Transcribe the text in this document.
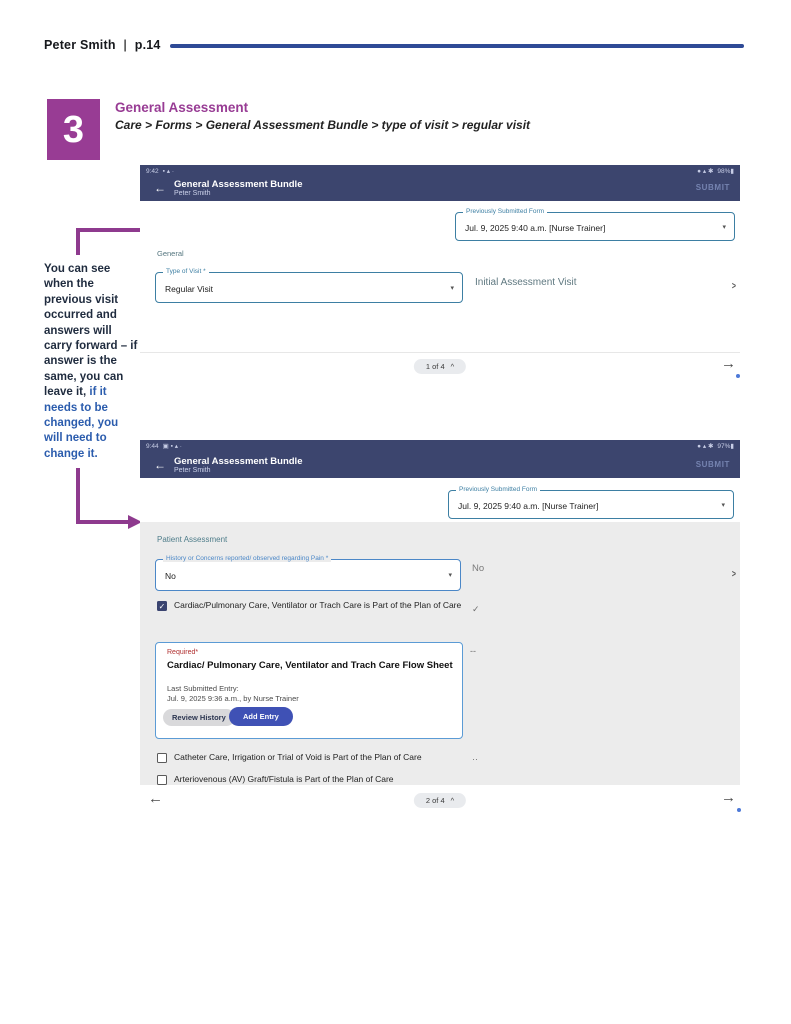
Peter Smith | p.14
3
General Assessment
Care > Forms > General Assessment Bundle > type of visit > regular visit
You can see when the previous visit occurred and answers will carry forward – if answer is the same, you can leave it, if it needs to be changed, you will need to change it.
9:42 ▪ ▴ ·	● ▴ ✱ 98%▮
← General Assessment Bundle
Peter Smith
SUBMIT
Previously Submitted Form
Jul. 9, 2025 9:40 a.m. [Nurse Trainer]	▾
General
Type of Visit *
Regular Visit	▾ Initial Assessment Visit	>
1 of 4 ^	→
9:44 ▣ ▪ ▴ ·	● ▴ ✱ 97%▮
← General Assessment Bundle
Peter Smith
SUBMIT
Previously Submitted Form
Jul. 9, 2025 9:40 a.m. [Nurse Trainer]	▾
Patient Assessment
History or Concerns reported/ observed regarding Pain *
No	▾
No
>
✓ Cardiac/Pulmonary Care, Ventilator or Trach Care is Part of the Plan of Care	✓
Required*
Cardiac/ Pulmonary Care, Ventilator and Trach Care Flow Sheet
Last Submitted Entry:
Jul. 9, 2025 9:36 a.m., by Nurse Trainer
Review History	Add Entry
--
Catheter Care, Irrigation or Trial of Void is Part of the Plan of Care	··
Arteriovenous (AV) Graft/Fistula is Part of the Plan of Care
←	2 of 4 ^	→
